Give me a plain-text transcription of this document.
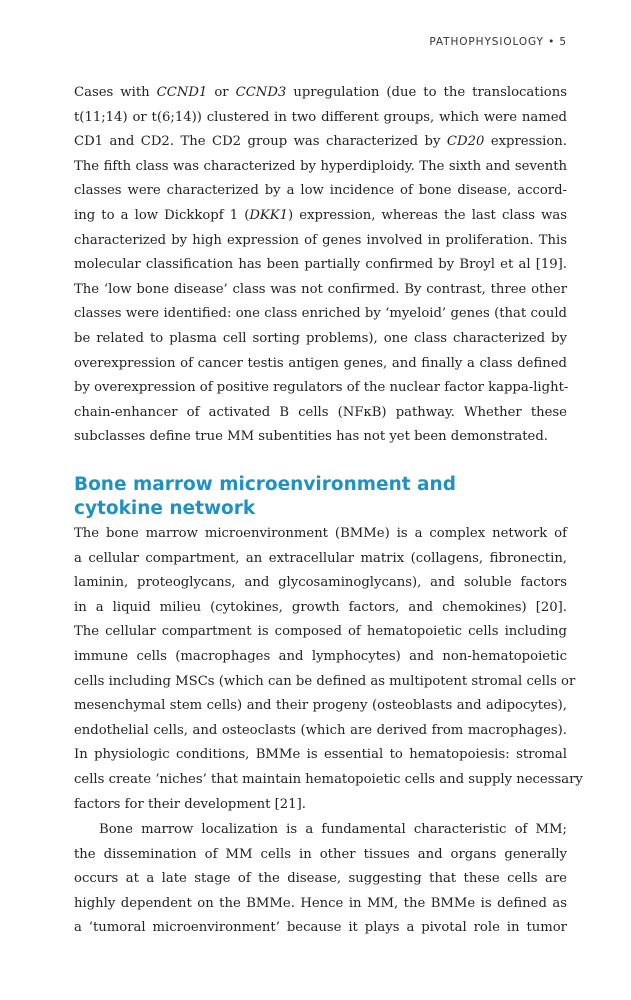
PATHOPHYSIOLOGY • 5
Cases with CCND1 or CCND3 upregulation (due to the translocations
t(11;14) or t(6;14)) clustered in two different groups, which were named
CD1 and CD2. The CD2 group was characterized by CD20 expression.
The fifth class was characterized by hyperdiploidy. The sixth and seventh
classes were characterized by a low incidence of bone disease, accord-
ing to a low Dickkopf 1 (DKK1) expression, whereas the last class was
characterized by high expression of genes involved in proliferation. This
molecular classification has been partially confirmed by Broyl et al [19].
The ‘low bone disease’ class was not confirmed. By contrast, three other
classes were identified: one class enriched by ‘myeloid’ genes (that could
be related to plasma cell sorting problems), one class characterized by
overexpression of cancer testis antigen genes, and finally a class defined
by overexpression of positive regulators of the nuclear factor kappa-light-
chain-enhancer of activated B cells (NFκB) pathway. Whether these
subclasses define true MM subentities has not yet been demonstrated.
Bone marrow microenvironment and
cytokine network
The bone marrow microenvironment (BMMe) is a complex network of
a cellular compartment, an extracellular matrix (collagens, fibronectin,
laminin, proteoglycans, and glycosaminoglycans), and soluble factors
in a liquid milieu (cytokines, growth factors, and chemokines) [20].
The cellular compartment is composed of hematopoietic cells including
immune cells (macrophages and lymphocytes) and non-hematopoietic
cells including MSCs (which can be defined as multipotent stromal cells or
mesenchymal stem cells) and their progeny (osteoblasts and adipocytes),
endothelial cells, and osteoclasts (which are derived from macrophages).
In physiologic conditions, BMMe is essential to hematopoiesis: stromal
cells create ‘niches’ that maintain hematopoietic cells and supply necessary
factors for their development [21].
Bone marrow localization is a fundamental characteristic of MM;
the dissemination of MM cells in other tissues and organs generally
occurs at a late stage of the disease, suggesting that these cells are
highly dependent on the BMMe. Hence in MM, the BMMe is defined as
a ‘tumoral microenvironment’ because it plays a pivotal role in tumor
